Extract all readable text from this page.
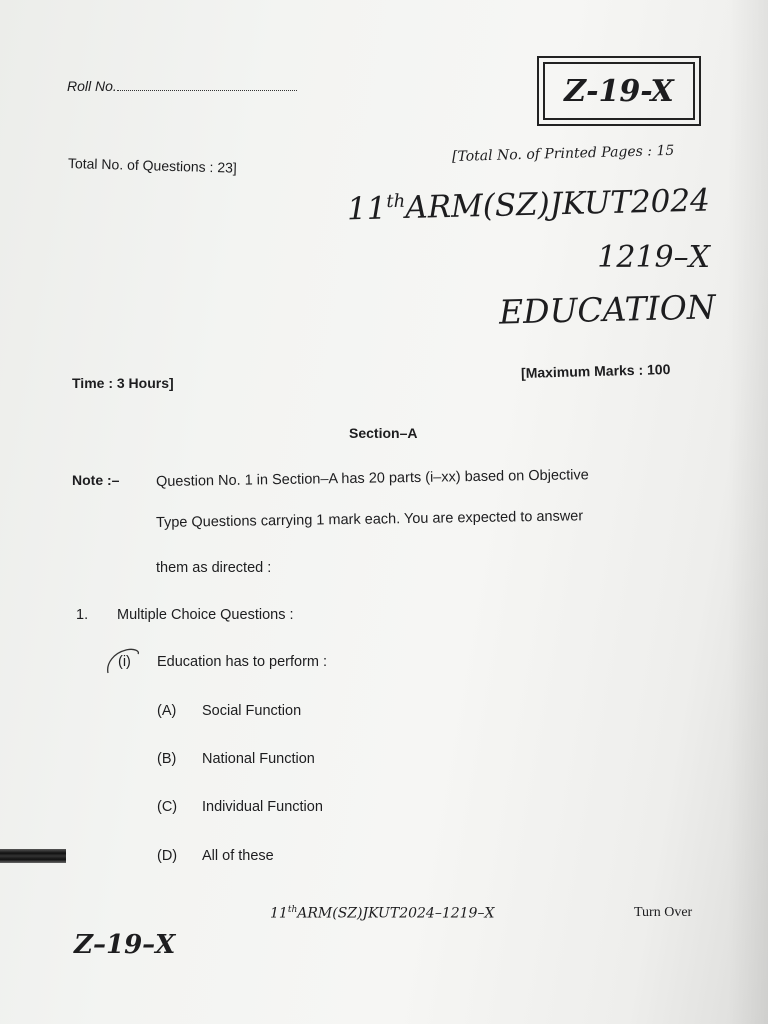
Roll No.	Z-19-X
Total No. of Questions : 23]
[Total No. of Printed Pages : 15
11thARM(SZ)JKUT2024
1219–X
EDUCATION
Time : 3 Hours]
[Maximum Marks : 100
Section–A
Note :–	Question No. 1 in Section–A has 20 parts (i–xx) based on Objective
Type Questions carrying 1 mark each. You are expected to answer
them as directed :
1. Multiple Choice Questions :
(i) Education has to perform :
(A) Social Function
(B) National Function
(C) Individual Function
(D) All of these
11thARM(SZ)JKUT2024–1219–X	Turn Over
Z–19–X
